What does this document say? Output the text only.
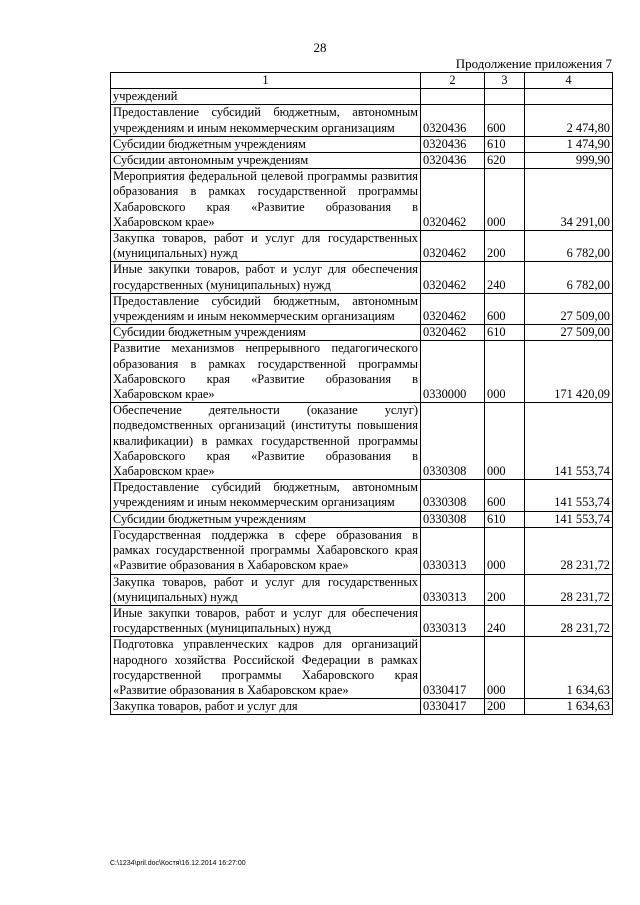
28
Продолжение приложения 7
1	2	3	4
учреждений			
Предоставление субсидий бюджетным, автономным учреждениям и иным некоммерческим организациям	0320436	600	2 474,80
Субсидии бюджетным учреждениям	0320436	610	1 474,90
Субсидии автономным учреждениям	0320436	620	999,90
Мероприятия федеральной целевой программы развития образования в рамках государственной программы Хабаровского края «Развитие образования в Хабаровском крае»	0320462	000	34 291,00
Закупка товаров, работ и услуг для государственных (муниципальных) нужд	0320462	200	6 782,00
Иные закупки товаров, работ и услуг для обеспечения государственных (муниципальных) нужд	0320462	240	6 782,00
Предоставление субсидий бюджетным, автономным учреждениям и иным некоммерческим организациям	0320462	600	27 509,00
Субсидии бюджетным учреждениям	0320462	610	27 509,00
Развитие механизмов непрерывного педагогического образования в рамках государственной программы Хабаровского края «Развитие образования в Хабаровском крае»	0330000	000	171 420,09
Обеспечение деятельности (оказание услуг) подведомственных организаций (институты повышения квалификации) в рамках государственной программы Хабаровского края «Развитие образования в Хабаровском крае»	0330308	000	141 553,74
Предоставление субсидий бюджетным, автономным учреждениям и иным некоммерческим организациям	0330308	600	141 553,74
Субсидии бюджетным учреждениям	0330308	610	141 553,74
Государственная поддержка в сфере образования в рамках государственной программы Хабаровского края «Развитие образования в Хабаровском крае»	0330313	000	28 231,72
Закупка товаров, работ и услуг для государственных (муниципальных) нужд	0330313	200	28 231,72
Иные закупки товаров, работ и услуг для обеспечения государственных (муниципальных) нужд	0330313	240	28 231,72
Подготовка управленческих кадров для организаций народного хозяйства Российской Федерации в рамках государственной программы Хабаровского края «Развитие образования в Хабаровском крае»	0330417	000	1 634,63
Закупка товаров, работ и услуг для	0330417	200	1 634,63
C:\1234\pril.doc\Костя\16.12.2014 16:27:00
